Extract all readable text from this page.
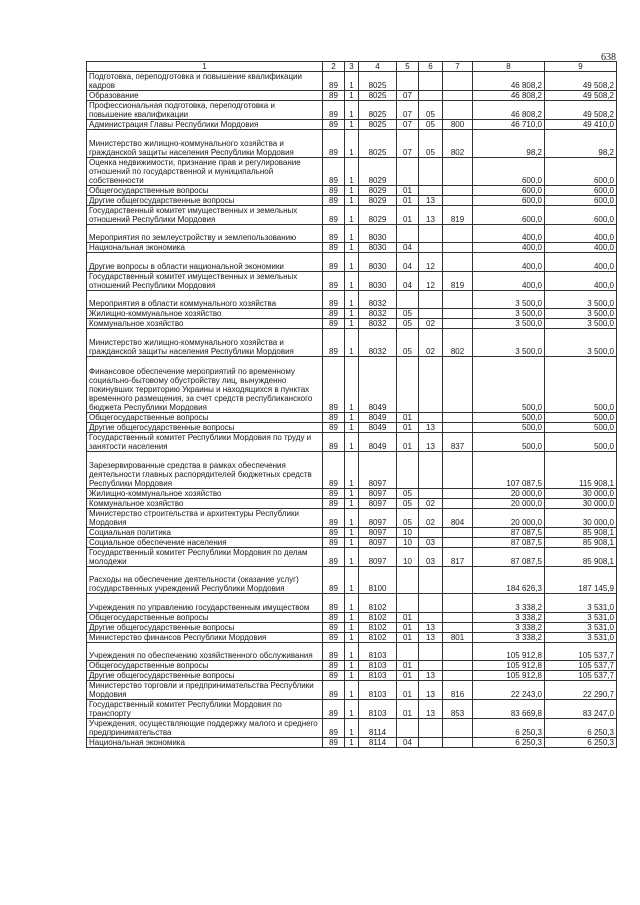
638
1	2	3	4	5	6	7	8	9
Подготовка, переподготовка и повышение квалификации кадров	89	1	8025				46 808,2	49 508,2
Образование	89	1	8025	07			46 808,2	49 508,2
Профессиональная подготовка, переподготовка и повышение квалификации	89	1	8025	07	05		46 808,2	49 508,2
Администрация Главы Республики Мордовия	89	1	8025	07	05	800	46 710,0	49 410,0
Министерство жилищно-коммунального хозяйства и гражданской защиты населения Республики Мордовия	89	1	8025	07	05	802	98,2	98,2
Оценка недвижимости, признание прав и регулирование отношений по государственной и муниципальной собственности	89	1	8029				600,0	600,0
Общегосударственные вопросы	89	1	8029	01			600,0	600,0
Другие общегосударственные вопросы	89	1	8029	01	13		600,0	600,0
Государственный комитет имущественных и земельных отношений Республики Мордовия	89	1	8029	01	13	819	600,0	600,0
Мероприятия по землеустройству и землепользованию	89	1	8030				400,0	400,0
Национальная экономика	89	1	8030	04			400,0	400,0
Другие вопросы в области национальной экономики	89	1	8030	04	12		400,0	400,0
Государственный комитет имущественных и земельных отношений Республики Мордовия	89	1	8030	04	12	819	400,0	400,0
Мероприятия в области коммунального хозяйства	89	1	8032				3 500,0	3 500,0
Жилищно-коммунальное хозяйство	89	1	8032	05			3 500,0	3 500,0
Коммунальное хозяйство	89	1	8032	05	02		3 500,0	3 500,0
Министерство жилищно-коммунального хозяйства и гражданской защиты населения Республики Мордовия	89	1	8032	05	02	802	3 500,0	3 500,0
Финансовое обеспечение мероприятий по временному социально-бытовому обустройству лиц, вынужденно покинувших территорию Украины и находящихся в пунктах временного размещения, за счет средств республиканского бюджета Республики Мордовия	89	1	8049				500,0	500,0
Общегосударственные вопросы	89	1	8049	01			500,0	500,0
Другие общегосударственные вопросы	89	1	8049	01	13		500,0	500,0
Государственный комитет Республики Мордовия по труду и занятости населения	89	1	8049	01	13	837	500,0	500,0
Зарезервированные средства в рамках обеспечения деятельности главных распорядителей бюджетных средств Республики Мордовия	89	1	8097				107 087,5	115 908,1
Жилищно-коммунальное хозяйство	89	1	8097	05			20 000,0	30 000,0
Коммунальное хозяйство	89	1	8097	05	02		20 000,0	30 000,0
Министерство строительства и архитектуры Республики Мордовия	89	1	8097	05	02	804	20 000,0	30 000,0
Социальная политика	89	1	8097	10			87 087,5	85 908,1
Социальное обеспечение населения	89	1	8097	10	03		87 087,5	85 908,1
Государственный комитет Республики Мордовия по делам молодежи	89	1	8097	10	03	817	87 087,5	85 908,1
Расходы на обеспечение деятельности (оказание услуг) государственных учреждений Республики Мордовия	89	1	8100				184 626,3	187 145,9
Учреждения по управлению государственным имуществом	89	1	8102				3 338,2	3 531,0
Общегосударственные вопросы	89	1	8102	01			3 338,2	3 531,0
Другие общегосударственные вопросы	89	1	8102	01	13		3 338,2	3 531,0
Министерство финансов Республики Мордовия	89	1	8102	01	13	801	3 338,2	3 531,0
Учреждения по обеспечению хозяйственного обслуживания	89	1	8103				105 912,8	105 537,7
Общегосударственные вопросы	89	1	8103	01			105 912,8	105 537,7
Другие общегосударственные вопросы	89	1	8103	01	13		105 912,8	105 537,7
Министерство торговли и предпринимательства Республики Мордовия	89	1	8103	01	13	816	22 243,0	22 290,7
Государственный комитет Республики Мордовия по транспорту	89	1	8103	01	13	853	83 669,8	83 247,0
Учреждения, осуществляющие поддержку малого и среднего предпринимательства	89	1	8114				6 250,3	6 250,3
Национальная экономика	89	1	8114	04			6 250,3	6 250,3
